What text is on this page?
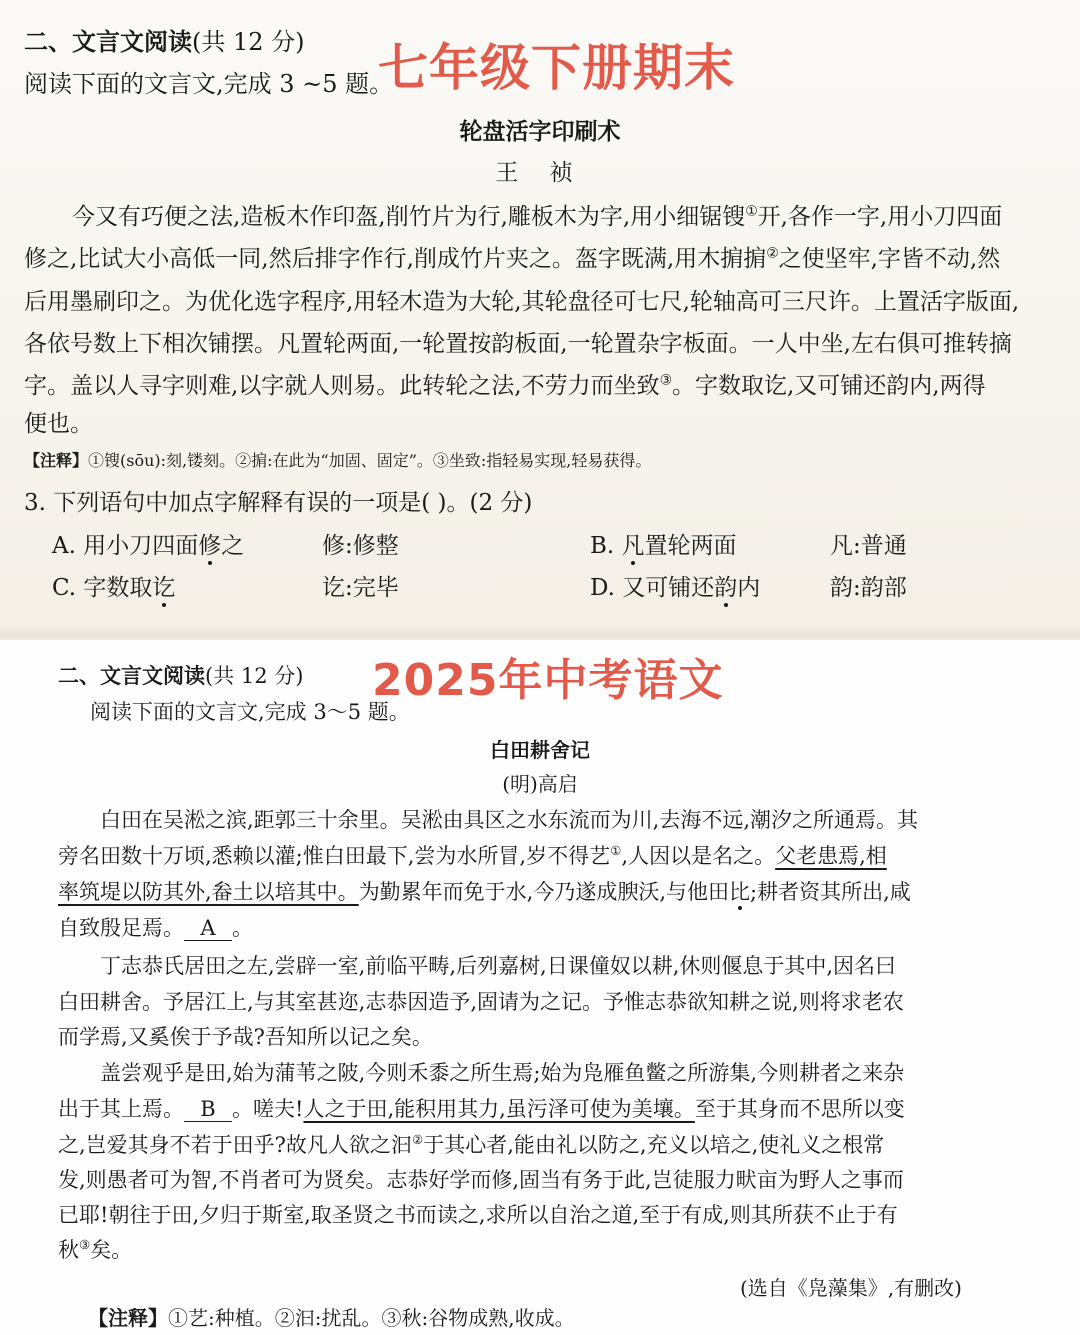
二、文言文阅读(共 12 分)
阅读下面的文言文,完成 3 ~5 题。
七年级下册期末
轮盘活字印刷术
王 祯
今又有巧便之法,造板木作印盔,削竹片为行,雕板木为字,用小细锯锼①开,各作一字,用小刀四面
修之,比试大小高低一同,然后排字作行,削成竹片夹之。盔字既满,用木掮掮②之使坚牢,字皆不动,然
后用墨刷印之。为优化选字程序,用轻木造为大轮,其轮盘径可七尺,轮轴高可三尺许。上置活字版面,
各依号数上下相次铺摆。凡置轮两面,一轮置按韵板面,一轮置杂字板面。一人中坐,左右俱可推转摘
字。盖以人寻字则难,以字就人则易。此转轮之法,不劳力而坐致③。字数取讫,又可铺还韵内,两得
便也。
【注释】①锼(sōu):刻,镂刻。②掮:在此为“加固、固定”。③坐致:指轻易实现,轻易获得。
3. 下列语句中加点字解释有误的一项是( )。(2 分)
A. 用小刀四面修之	修:修整	B. 凡置轮两面	凡:普通
C. 字数取讫	讫:完毕	D. 又可铺还韵内	韵:韵部
二、文言文阅读(共 12 分)
阅读下面的文言文,完成 3～5 题。
2025年中考语文
白田耕舍记
(明)高启
白田在吴淞之滨,距郭三十余里。吴淞由具区之水东流而为川,去海不远,潮汐之所通焉。其
旁名田数十万顷,悉赖以灌;惟白田最下,尝为水所冒,岁不得艺①,人因以是名之。父老患焉,相
率筑堤以防其外,畚土以培其中。为勤累年而免于水,今乃遂成腴沃,与他田比;耕者资其所出,咸
自致殷足焉。 A 。
丁志恭氏居田之左,尝辟一室,前临平畴,后列嘉树,日课僮奴以耕,休则偃息于其中,因名曰
白田耕舍。予居江上,与其室甚迩,志恭因造予,固请为之记。予惟志恭欲知耕之说,则将求老农
而学焉,又奚俟于予哉?吾知所以记之矣。
盖尝观乎是田,始为蒲苇之陂,今则禾黍之所生焉;始为凫雁鱼鳖之所游集,今则耕者之来杂
出于其上焉。 B 。嗟夫!人之于田,能积用其力,虽污泽可使为美壤。至于其身而不思所以变
之,岂爱其身不若于田乎?故凡人欲之汩②于其心者,能由礼以防之,充义以培之,使礼义之根常
发,则愚者可为智,不肖者可为贤矣。志恭好学而修,固当有务于此,岂徒服力畎亩为野人之事而
已耶!朝往于田,夕归于斯室,取圣贤之书而读之,求所以自治之道,至于有成,则其所获不止于有
秋③矣。
(选自《凫藻集》,有删改)
【注释】①艺:种植。②汩:扰乱。③秋:谷物成熟,收成。
